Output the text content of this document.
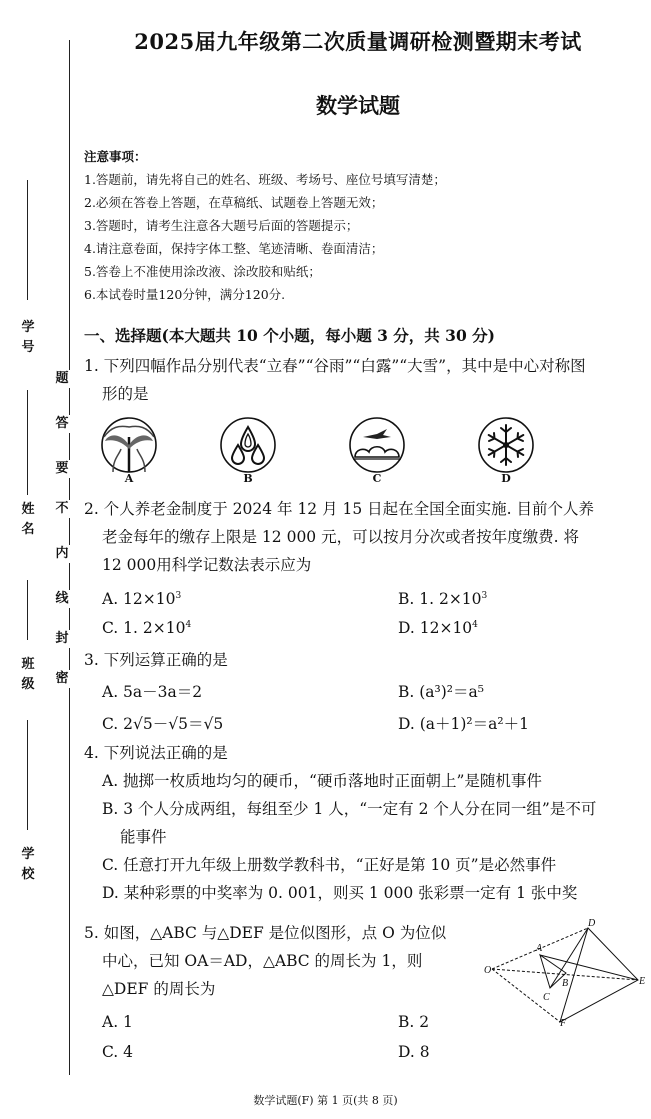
学号
姓名
班级
学校
题
答
要
不
内
线
封
密
2025届九年级第二次质量调研检测暨期末考试
数学试题
注意事项：
1.答题前，请先将自己的姓名、班级、考场号、座位号填写清楚；
2.必须在答卷上答题，在草稿纸、试题卷上答题无效；
3.答题时，请考生注意各大题号后面的答题提示；
4.请注意卷面，保持字体工整、笔迹清晰、卷面清洁；
5.答卷上不准使用涂改液、涂改胶和贴纸；
6.本试卷时量120分钟，满分120分.
一、选择题(本大题共 10 个小题，每小题 3 分，共 30 分)
1. 下列四幅作品分别代表“立春”“谷雨”“白露”“大雪”，其中是中心对称图
形的是
A	B	C	D
2. 个人养老金制度于 2024 年 12 月 15 日起在全国全面实施. 目前个人养
老金每年的缴存上限是 12 000 元，可以按月分次或者按年度缴费. 将
12 000用科学记数法表示应为
A. $12\times 10^3$	B. 1. $2\times 10^3$
C. 1. $2\times 10^4$	D. $12\times 10^4$
3. 下列运算正确的是
A. 5a－3a＝2	B. (a³)²＝a⁵
C. 2√5－√5＝√5	D. (a＋1)²＝a²＋1
4. 下列说法正确的是
A. 抛掷一枚质地均匀的硬币，“硬币落地时正面朝上”是随机事件
B. 3 个人分成两组，每组至少 1 人，“一定有 2 个人分在同一组”是不可
能事件
C. 任意打开九年级上册数学教科书，“正好是第 10 页”是必然事件
D. 某种彩票的中奖率为 0. 001，则买 1 000 张彩票一定有 1 张中奖
5. 如图，△ABC 与△DEF 是位似图形，点 O 为位似
中心，已知 OA＝AD，△ABC 的周长为 1，则
△DEF 的周长为
A. 1	B. 2
C. 4	D. 8
O
A
B
C
D
E
F
数学试题(F) 第 1 页(共 8 页)
